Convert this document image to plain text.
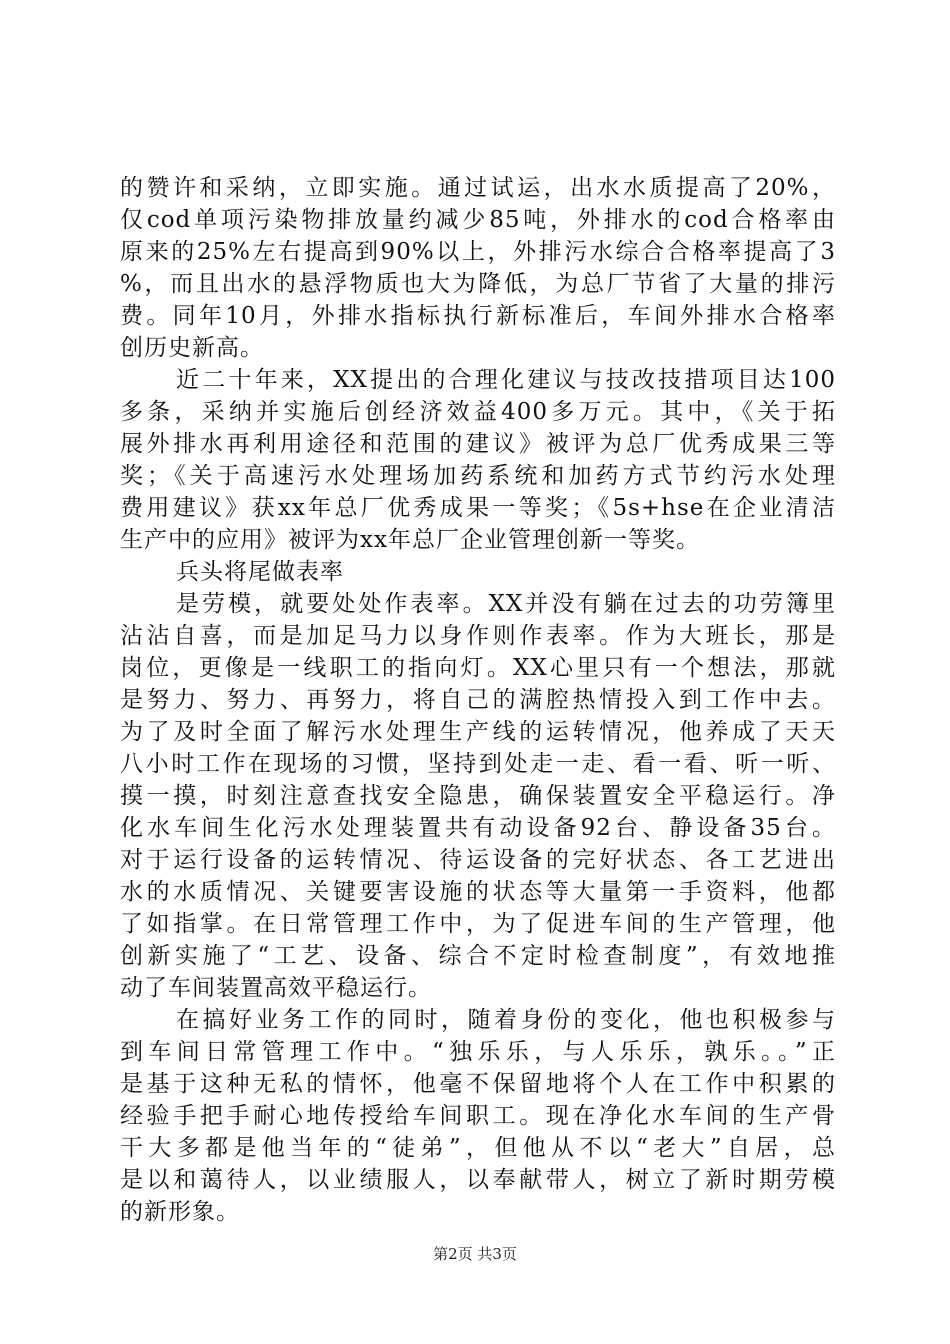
的赞许和采纳，立即实施。通过试运，出水水质提高了20%，
仅cod单项污染物排放量约减少85吨，外排水的cod合格率由
原来的25%左右提高到90%以上，外排污水综合合格率提高了3
%，而且出水的悬浮物质也大为降低，为总厂节省了大量的排污
费。同年10月，外排水指标执行新标准后，车间外排水合格率
创历史新高。
近二十年来，XX提出的合理化建议与技改技措项目达100
多条，采纳并实施后创经济效益400多万元。其中，《关于拓
展外排水再利用途径和范围的建议》被评为总厂优秀成果三等
奖；《关于高速污水处理场加药系统和加药方式节约污水处理
费用建议》获xx年总厂优秀成果一等奖；《5s+hse在企业清洁
生产中的应用》被评为xx年总厂企业管理创新一等奖。
兵头将尾做表率
是劳模，就要处处作表率。XX并没有躺在过去的功劳簿里
沾沾自喜，而是加足马力以身作则作表率。作为大班长，那是
岗位，更像是一线职工的指向灯。XX心里只有一个想法，那就
是努力、努力、再努力，将自己的满腔热情投入到工作中去。
为了及时全面了解污水处理生产线的运转情况，他养成了天天
八小时工作在现场的习惯，坚持到处走一走、看一看、听一听、
摸一摸，时刻注意查找安全隐患，确保装置安全平稳运行。净
化水车间生化污水处理装置共有动设备92台、静设备35台。
对于运行设备的运转情况、待运设备的完好状态、各工艺进出
水的水质情况、关键要害设施的状态等大量第一手资料，他都
了如指掌。在日常管理工作中，为了促进车间的生产管理，他
创新实施了“工艺、设备、综合不定时检查制度”，有效地推
动了车间装置高效平稳运行。
在搞好业务工作的同时，随着身份的变化，他也积极参与
到车间日常管理工作中。“独乐乐，与人乐乐，孰乐。。”正
是基于这种无私的情怀，他毫不保留地将个人在工作中积累的
经验手把手耐心地传授给车间职工。现在净化水车间的生产骨
干大多都是他当年的“徒弟”，但他从不以“老大”自居，总
是以和蔼待人，以业绩服人，以奉献带人，树立了新时期劳模
的新形象。
第2页 共3页
